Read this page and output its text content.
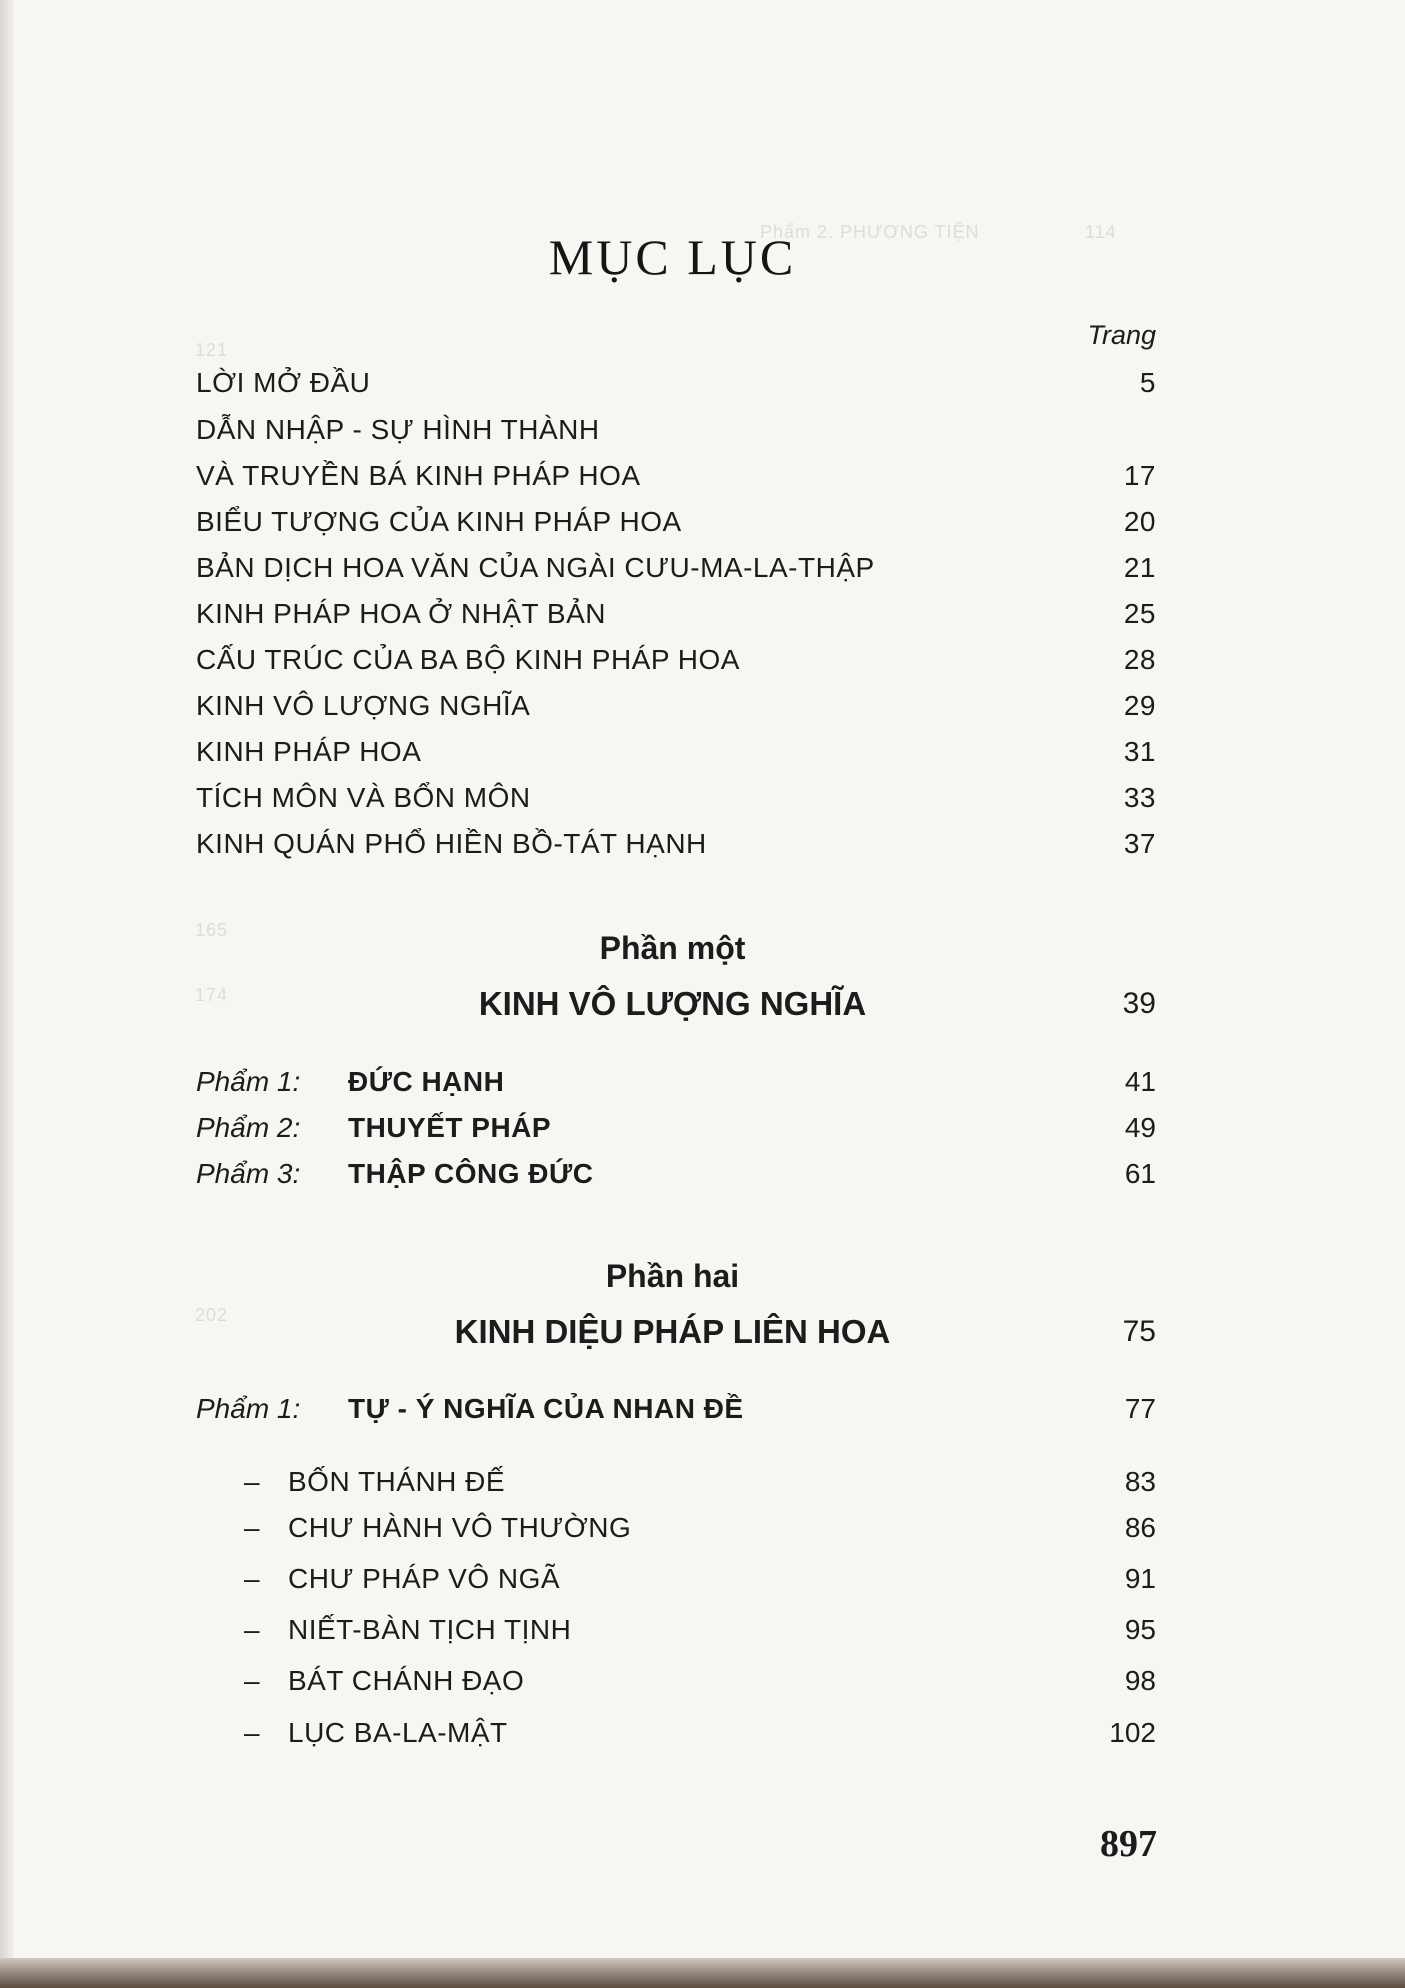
Phẩm 2. PHƯƠNG TIỆN	114
121
165
174
202
MỤC LỤC
Trang
LỜI MỞ ĐẦU	5
DẪN NHẬP - SỰ HÌNH THÀNH
VÀ TRUYỀN BÁ KINH PHÁP HOA	17
BIỂU TƯỢNG CỦA KINH PHÁP HOA	20
BẢN DỊCH HOA VĂN CỦA NGÀI CƯU-MA-LA-THẬP	21
KINH PHÁP HOA Ở NHẬT BẢN	25
CẤU TRÚC CỦA BA BỘ KINH PHÁP HOA	28
KINH VÔ LƯỢNG NGHĨA	29
KINH PHÁP HOA	31
TÍCH MÔN VÀ BỔN MÔN	33
KINH QUÁN PHỔ HIỀN BỒ-TÁT HẠNH	37
Phần một
KINH VÔ LƯỢNG NGHĨA	39
Phẩm 1: ĐỨC HẠNH	41
Phẩm 2: THUYẾT PHÁP	49
Phẩm 3: THẬP CÔNG ĐỨC	61
Phần hai
KINH DIỆU PHÁP LIÊN HOA	75
Phẩm 1: TỰ - Ý NGHĨA CỦA NHAN ĐỀ	77
– BỐN THÁNH ĐẾ	83
– CHƯ HÀNH VÔ THƯỜNG	86
– CHƯ PHÁP VÔ NGÃ	91
– NIẾT-BÀN TỊCH TỊNH	95
– BÁT CHÁNH ĐẠO	98
– LỤC BA-LA-MẬT	102
897
